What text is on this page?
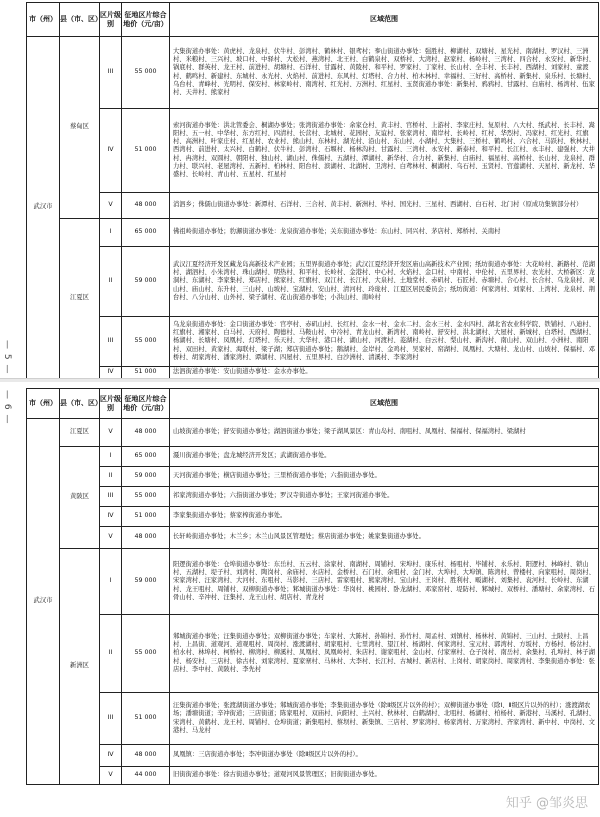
— 5 —
市（州）	县（市、区）	区片级别	征地区片综合地价（元/亩）	区域范围
武汉市	蔡甸区	III	55 000	大集街道办事处：黄虎村、龙泉村、伏牛村、彭湾村、鹤林村、银鸢村；奓山街道办事处：强胜村、柳湖村、双塘村、星光村、南湖村、罗汉村、三洲村、米粮村、三兴村、坡口村、中驿村、大松村、燕湾村、北王村、白鹤泉村、双桥村、大湾村、赵家村、杨岭村、三湾村、四合村、永安村、新华村、锅底村、群英村、龙王村、前进村、胡塘村、石洋村、甘露村、黄陵村、和平村、罗家村、丁家村、长山村、全丰村、长丰村、西湖村、刘家村、童渡村、鹤鸣村、新建村、东城村、永光村、火焰村、前进村、东风村、灯塔村、合力村、柏木林村、幸福村、三好村、高桥村、新集村、泉乐村、长塘村、乌台村、青峰村、光明村、保安村、林家岭村、南湾村、红光村、万洲村、红星村、玉贤街道办事处：新集村、鸦鸦村、甘露村、白庙村、杨湾村、伍家村、天井村、熊家村
		IV	51 000	索河街道办事处：洪北管委会、桐湖办事处；张湾街道办事处：余家仓村、黄丰村、官桥村、上游村、李家庄村、复原村、八大村、纸武村、长丰村、嵩阳村、五一村、中华村、东方红村、四清村、长营村、北城村、花园村、友谊村、张家湾村、南岸村、长岭村、红村、华烈村、冯家村、红光村、红旗村、高洲村、叶家庄村、红星村、农业村、熊山村、东林村、湖光村、沿山村、东山村、小湖村、大集村、三桥村、鹤鸣村、六合村、马跃村、秋林村、西湾村、前进村、太兴村、白鹤村、伏牛村、彭湾村、石堰村、杨林沟村、甘露村、三湾村、永安村、新泰村、和平村、长江村、永丰村、建强村、大井村、冉湾村、双圆村、朝阳村、独山村、湖山村、侏儒村、五湖村、潭湖村、新华村、合力村、新集村、白庙村、福星村、高桥村、长山村、龙泉村、群力村、联兴村、老屋湾村、五新村、柏林村、阳台村、滨湖村、北湖村、卫湾村、白鸢林村、桐湖村、乌石村、玉贤村、官莲湖村、天星村、新龙村、华盛村、长岭村、青山村、五星村、红星村
		V	48 000	消泗乡；侏儒山街道办事处：新潭村、石洋村、三合村、黄丰村、新洲村、毕村、国光村、三星村、西湖村、白石村、北门村（原成功集镇部分村）
	江夏区	I	65 000	佛祖岭街道办事处；豹澥街道办事处：龙泉街道办事处；关东街道办事处：东山村、同兴村、茅店村、郑桥村、关南村
		II	59 000	武汉江夏经济开发区藏龙岛高新技术产业园；五里界街道办事处；武汉江夏经济开发区庙山高新技术产业园；纸坊街道办事处：大花岭村、新路村、范湖村、湖泗村、小朱湾村、珠山湖村、明热村、和平村、长岭村、金港村、中心村、火焰村、金口村、中南村、中伦村、五里界村、农光村、大桥新区：龙洞村、东湖村、李家集村、郑店村、熊家村、红旗村、双江村、长江村、大泉村、土地堂村、赤矶村、石匠村、赤塘村、合心村、长合村、乌龙泉村、灵山村、庙山村、东升村、三山村、山坡村、宝湖村、安山村、清河村、玲珑村、江夏区居民委员会；纸坊街道：何家湾村、刘家村、上湾村、龙泉村、荆台村、八分山村、山外村、梁子湖村、花山街道办事处；小洪山村、南岭村
		III	55 000	乌龙泉街道办事处：金口街道办事处：官亭村、赤矶山村、长红村、金水一村、金水二村、金水三村、金水四村、湖北省农业科学院、铁铺村、八迪村、红旗村、湘家村、白马村、天府村、陶德村、马鞍山村、中冷村、青龙山村、新湾村、南岭村、舒安村、洪北湖村、大屋村、新城村、白塔村、西湖村、杨湖村、长塘村、凤凰村、灯塔村、乐天村、大华村、港口村、湖山村、河渡村、菱湖村、白云村、梨山村、新沟村、南山村、双山村、小洲村、南阳村、双田村、黄家村、海联村、梁子湖；郑店街道办事处；鹅湖村、金岸村、金鸡村、吴家村、窑湖村、凤凰村、大塘村、龙山村、山坡村、保福村、邓桥村、胡家湾村、潘家湾村、谭湖村、四屋村、五里界村、白沙洲村、清溪村、李家湾村
		IV	51 000	法泗街道办事处：安山街道办事处：金水办事处。
— 6 — 市（州）	县（市、区）	区片级别	征地区片综合地价（元/亩）	区域范围
武汉市	江夏区	V	48 000	山坡街道办事处；舒安街道办事处；湖泗街道办事处；梁子湖风景区：青山岛村、南咀村、凤凰村、保福村、保福湾村、梁湖村
	黄陂区	I	65 000	滠川街道办事处；盘龙城经济开发区；武湖街道办事处。
		II	59 000	天河街道办事处；横店街道办事处；三里桥街道办事处；六指街道办事处。
		III	55 000	祁家湾街道办事处；六指街道办事处；罗汉寺街道办事处；王家河街道办事处。
		IV	51 000	李家集街道办事处；蔡家榨街道办事处。
		V	48 000	长轩岭街道办事处；木兰乡；木兰山风景区管理处；蔡店街道办事处；姚家集街道办事处。
	新洲区	I	59 000	阳逻街道办事处：仓埠街道办事处：东岳村、五云村、涂家村、南湖村、周铺村、宋埠村、康乐村、杨咀村、毕铺村、永乐村、阳逻村、林峰村、锁山村、五湖村、堤子村、刘湾村、陶岗村、余庙村、水店村、金桥村、石门村、余咀村、金门村、大埠村、大埠镇、陈湾村、曾楼村、向家咀村、周岗村、宋家湾村、汪家湾村、大河村、东咀村、马影村、三店村、雷家咀村、熊家湾村、宝山村、王岗村、胜利村、畈湖村、刘集村、袁河村、长岭村、东湖村、龙王咀村、周铺村、双柳街道办事处；邾城街道办事处：华岗村、桃园村、卧龙湖村、邓家窑村、堤防村、邾城村、双桥村、潘塘村、余家湾村、石骨山村、辛冲村、汪集村、龙王山村、胡店村、青龙村
		II	55 000	邾城街道办事处；汪集街道办事处；双柳街道办事处；车家村、大陈村、孙锦村、孙竹村、周孟村、刘镇村、杨林村、黄锦村、三山村、土陂村、上昌村、上昌街、道观河、道观咀村、周岗村、涨渡湖村、胡家咀村、七里湾村、望江村、杨湖村、何家湾村、宝元村、郭湾村、方坂村、方杨村、杨岔村、柏水村、林埠村、柯桥村、柳湾村、柳溪村、凤凰村、凤凰岭村、朱店村、谢家咀村、金山村、付家寨村、仓子岗村、南岳村、余集村、孔埠村、林子湖村、杨安村、三店村、徐古村、刘家湾村、夏家寨村、马林村、大李村、长江村、古城村、新店村、上岗村、胡家岗村、周家湾村、李集街道办事处：张店村、李中村、黄陂村、李先村
		III	51 000	汪集街道办事处；张渡湖街道办事处；邾城街道办事处；李集街道办事处（除Ⅱ级区片以外的村）；双柳街道办事处（除Ⅰ、Ⅱ级区片以外的村）；涨渡湖农场；潘塘街道；辛冲街道；三店街道；陈家咀村、双庙村、向阳村、土兴村、秋林村、白鹤湖村、北咀村、杨湖村、柏杨村、新港村、马溪村、孔湖村、宋湾村、黄鹤村、龙王村、周铺村、仓埠街道；新集咀村、蔡坝村、新集镇、三店村、罗家湾村、杨家湾村、万家湾村、齐家湾村、新中村、中岗村、文港村、马龙村
		IV	48 000	凤凰镇：三店街道办事处；李冲街道办事处（除Ⅱ级区片以外的村）。
		V	44 000	旧街街道办事处：徐古街道办事处；道观河风景管理区；旧街街道办事处。
知乎 @邹炎思
